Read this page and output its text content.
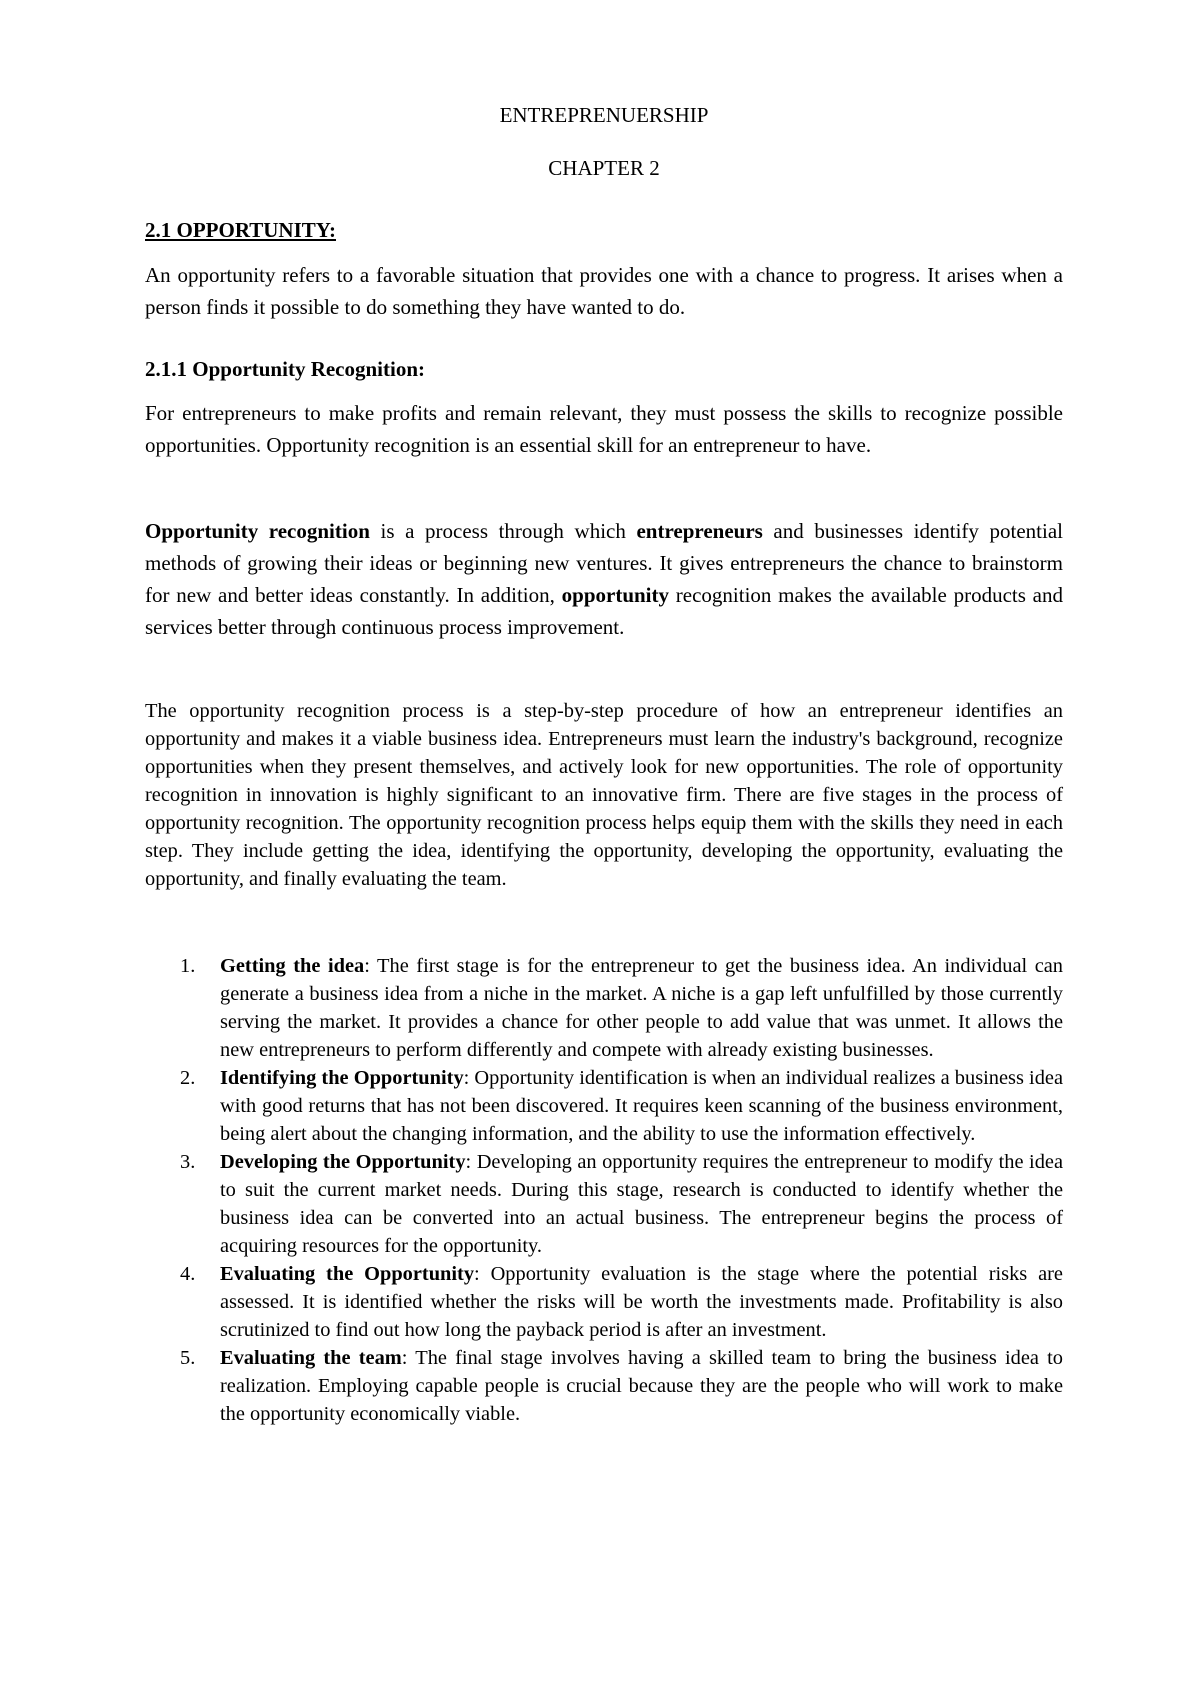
ENTREPRENUERSHIP
CHAPTER 2
2.1 OPPORTUNITY:

An opportunity refers to a favorable situation that provides one with a chance to progress. It arises when a person finds it possible to do something they have wanted to do.

2.1.1 Opportunity Recognition:

For entrepreneurs to make profits and remain relevant, they must possess the skills to recognize possible opportunities. Opportunity recognition is an essential skill for an entrepreneur to have.

Opportunity recognition is a process through which entrepreneurs and businesses identify potential methods of growing their ideas or beginning new ventures. It gives entrepreneurs the chance to brainstorm for new and better ideas constantly. In addition, opportunity recognition makes the available products and services better through continuous process improvement.

The opportunity recognition process is a step-by-step procedure of how an entrepreneur identifies an opportunity and makes it a viable business idea. Entrepreneurs must learn the industry's background, recognize opportunities when they present themselves, and actively look for new opportunities. The role of opportunity recognition in innovation is highly significant to an innovative firm. There are five stages in the process of opportunity recognition. The opportunity recognition process helps equip them with the skills they need in each step. They include getting the idea, identifying the opportunity, developing the opportunity, evaluating the opportunity, and finally evaluating the team.

1. Getting the idea: The first stage is for the entrepreneur to get the business idea. An individual can generate a business idea from a niche in the market. A niche is a gap left unfulfilled by those currently serving the market. It provides a chance for other people to add value that was unmet. It allows the new entrepreneurs to perform differently and compete with already existing businesses.
2. Identifying the Opportunity: Opportunity identification is when an individual realizes a business idea with good returns that has not been discovered. It requires keen scanning of the business environment, being alert about the changing information, and the ability to use the information effectively.
3. Developing the Opportunity: Developing an opportunity requires the entrepreneur to modify the idea to suit the current market needs. During this stage, research is conducted to identify whether the business idea can be converted into an actual business. The entrepreneur begins the process of acquiring resources for the opportunity.
4. Evaluating the Opportunity: Opportunity evaluation is the stage where the potential risks are assessed. It is identified whether the risks will be worth the investments made. Profitability is also scrutinized to find out how long the payback period is after an investment.
5. Evaluating the team: The final stage involves having a skilled team to bring the business idea to realization. Employing capable people is crucial because they are the people who will work to make the opportunity economically viable.
